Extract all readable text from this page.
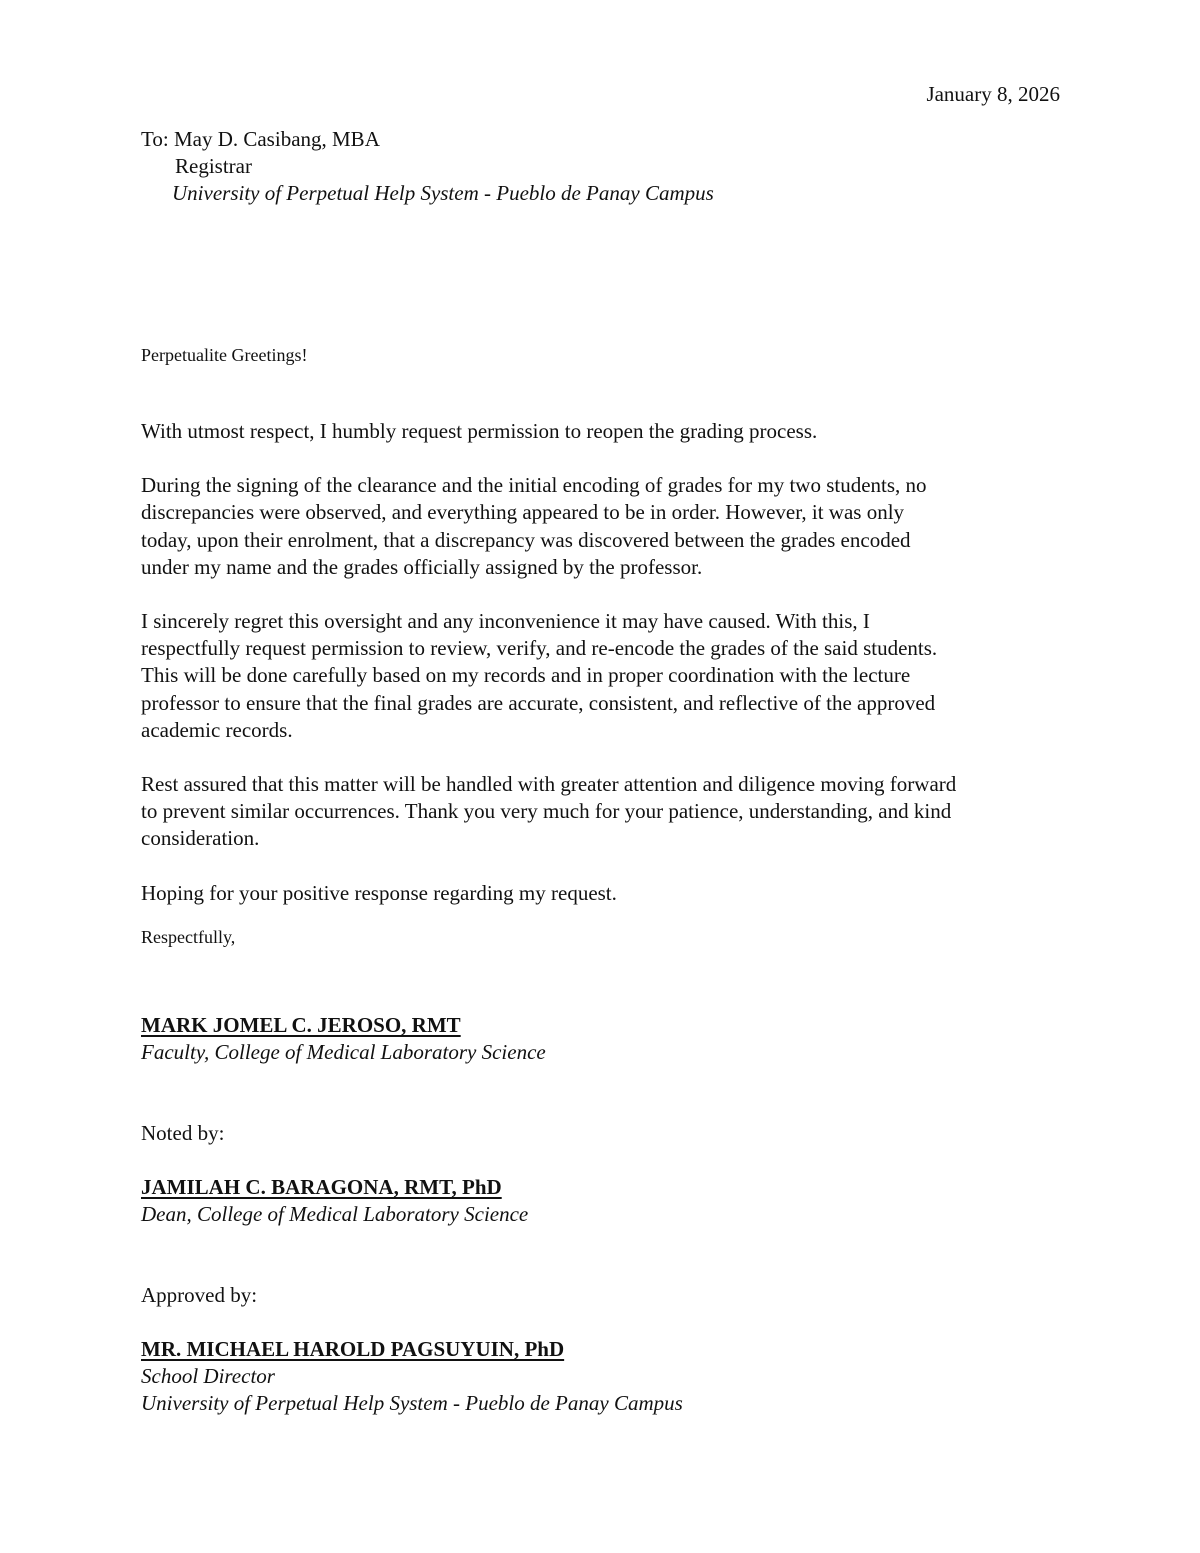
January 8, 2026
To: May D. Casibang, MBA
Registrar
University of Perpetual Help System - Pueblo de Panay Campus
Perpetualite Greetings!

With utmost respect, I humbly request permission to reopen the grading process.

During the signing of the clearance and the initial encoding of grades for my two students, no
discrepancies were observed, and everything appeared to be in order. However, it was only
today, upon their enrolment, that a discrepancy was discovered between the grades encoded
under my name and the grades officially assigned by the professor.

I sincerely regret this oversight and any inconvenience it may have caused. With this, I
respectfully request permission to review, verify, and re-encode the grades of the said students.
This will be done carefully based on my records and in proper coordination with the lecture
professor to ensure that the final grades are accurate, consistent, and reflective of the approved
academic records.

Rest assured that this matter will be handled with greater attention and diligence moving forward
to prevent similar occurrences. Thank you very much for your patience, understanding, and kind
consideration.

Hoping for your positive response regarding my request.

Respectfully,
MARK JOMEL C. JEROSO, RMT
Faculty, College of Medical Laboratory Science
Noted by:
JAMILAH C. BARAGONA, RMT, PhD
Dean, College of Medical Laboratory Science
Approved by:
MR. MICHAEL HAROLD PAGSUYUIN, PhD
School Director
University of Perpetual Help System - Pueblo de Panay Campus
